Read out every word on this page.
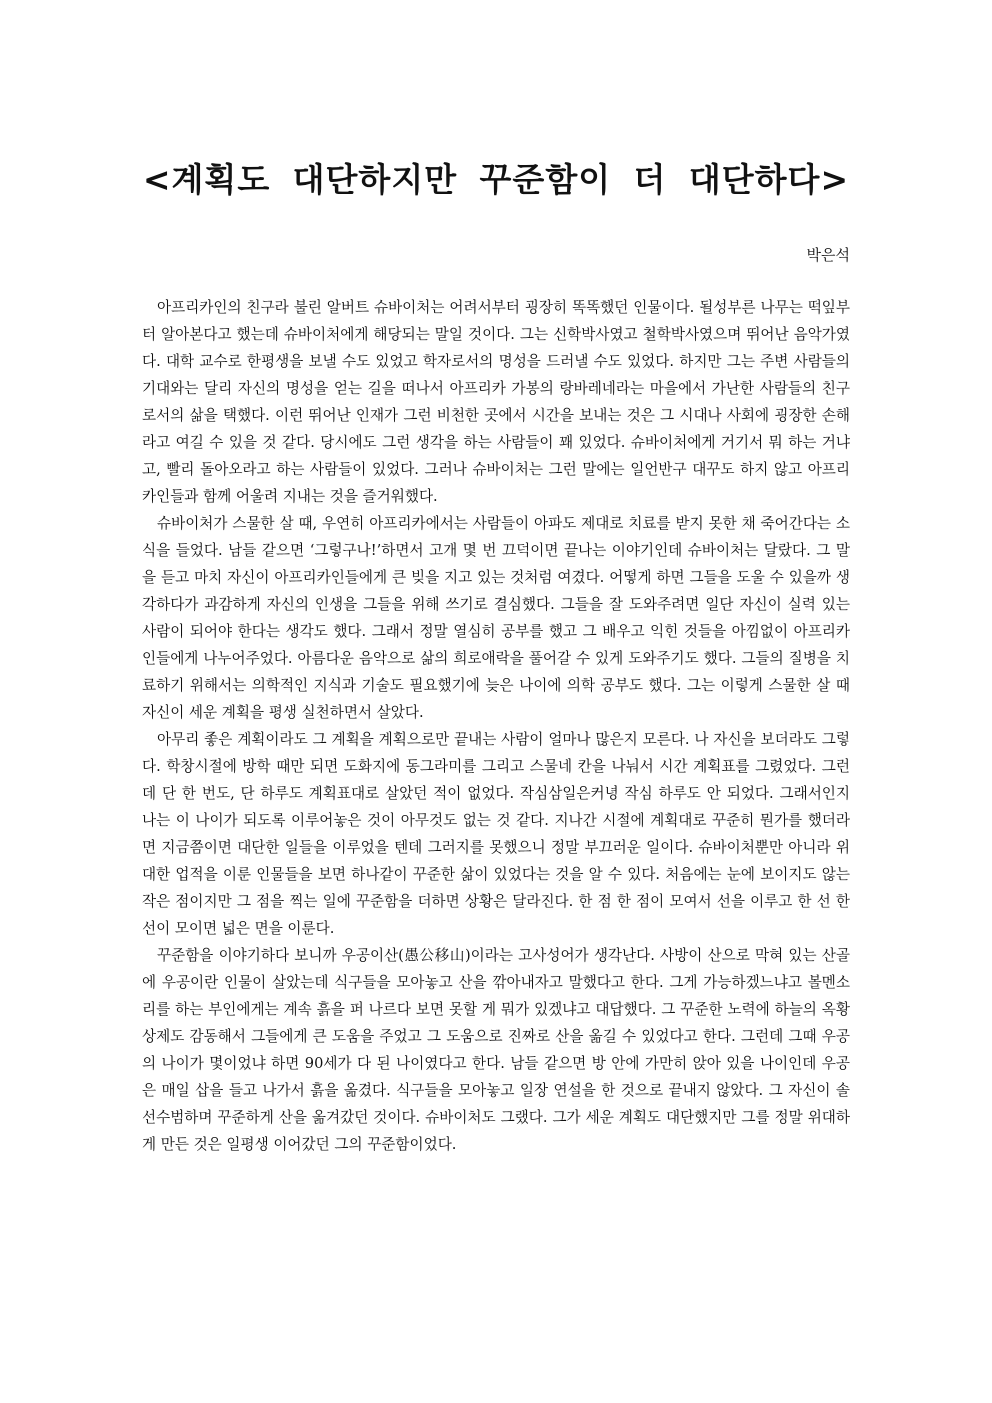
<계획도 대단하지만 꾸준함이 더 대단하다>

박은석

아프리카인의 친구라 불린 알버트 슈바이처는 어려서부터 굉장히 똑똑했던 인물이다. 될성부른 나무는 떡잎부터 알아본다고 했는데 슈바이처에게 해당되는 말일 것이다. 그는 신학박사였고 철학박사였으며 뛰어난 음악가였다. 대학 교수로 한평생을 보낼 수도 있었고 학자로서의 명성을 드러낼 수도 있었다. 하지만 그는 주변 사람들의 기대와는 달리 자신의 명성을 얻는 길을 떠나서 아프리카 가봉의 랑바레네라는 마을에서 가난한 사람들의 친구로서의 삶을 택했다. 이런 뛰어난 인재가 그런 비천한 곳에서 시간을 보내는 것은 그 시대나 사회에 굉장한 손해라고 여길 수 있을 것 같다. 당시에도 그런 생각을 하는 사람들이 꽤 있었다. 슈바이처에게 거기서 뭐 하는 거냐고, 빨리 돌아오라고 하는 사람들이 있었다. 그러나 슈바이처는 그런 말에는 일언반구 대꾸도 하지 않고 아프리카인들과 함께 어울려 지내는 것을 즐거워했다.

슈바이처가 스물한 살 때, 우연히 아프리카에서는 사람들이 아파도 제대로 치료를 받지 못한 채 죽어간다는 소식을 들었다. 남들 같으면 ‘그렇구나!’하면서 고개 몇 번 끄덕이면 끝나는 이야기인데 슈바이처는 달랐다. 그 말을 듣고 마치 자신이 아프리카인들에게 큰 빚을 지고 있는 것처럼 여겼다. 어떻게 하면 그들을 도울 수 있을까 생각하다가 과감하게 자신의 인생을 그들을 위해 쓰기로 결심했다. 그들을 잘 도와주려면 일단 자신이 실력 있는 사람이 되어야 한다는 생각도 했다. 그래서 정말 열심히 공부를 했고 그 배우고 익힌 것들을 아낌없이 아프리카인들에게 나누어주었다. 아름다운 음악으로 삶의 희로애락을 풀어갈 수 있게 도와주기도 했다. 그들의 질병을 치료하기 위해서는 의학적인 지식과 기술도 필요했기에 늦은 나이에 의학 공부도 했다. 그는 이렇게 스물한 살 때 자신이 세운 계획을 평생 실천하면서 살았다.

아무리 좋은 계획이라도 그 계획을 계획으로만 끝내는 사람이 얼마나 많은지 모른다. 나 자신을 보더라도 그렇다. 학창시절에 방학 때만 되면 도화지에 동그라미를 그리고 스물네 칸을 나눠서 시간 계획표를 그렸었다. 그런데 단 한 번도, 단 하루도 계획표대로 살았던 적이 없었다. 작심삼일은커녕 작심 하루도 안 되었다. 그래서인지 나는 이 나이가 되도록 이루어놓은 것이 아무것도 없는 것 같다. 지나간 시절에 계획대로 꾸준히 뭔가를 했더라면 지금쯤이면 대단한 일들을 이루었을 텐데 그러지를 못했으니 정말 부끄러운 일이다. 슈바이처뿐만 아니라 위대한 업적을 이룬 인물들을 보면 하나같이 꾸준한 삶이 있었다는 것을 알 수 있다. 처음에는 눈에 보이지도 않는 작은 점이지만 그 점을 찍는 일에 꾸준함을 더하면 상황은 달라진다. 한 점 한 점이 모여서 선을 이루고 한 선 한 선이 모이면 넓은 면을 이룬다.

꾸준함을 이야기하다 보니까 우공이산(愚公移山)이라는 고사성어가 생각난다. 사방이 산으로 막혀 있는 산골에 우공이란 인물이 살았는데 식구들을 모아놓고 산을 깎아내자고 말했다고 한다. 그게 가능하겠느냐고 볼멘소리를 하는 부인에게는 계속 흙을 퍼 나르다 보면 못할 게 뭐가 있겠냐고 대답했다. 그 꾸준한 노력에 하늘의 옥황상제도 감동해서 그들에게 큰 도움을 주었고 그 도움으로 진짜로 산을 옮길 수 있었다고 한다. 그런데 그때 우공의 나이가 몇이었냐 하면 90세가 다 된 나이였다고 한다. 남들 같으면 방 안에 가만히 앉아 있을 나이인데 우공은 매일 삽을 들고 나가서 흙을 옮겼다. 식구들을 모아놓고 일장 연설을 한 것으로 끝내지 않았다. 그 자신이 솔선수범하며 꾸준하게 산을 옮겨갔던 것이다. 슈바이처도 그랬다. 그가 세운 계획도 대단했지만 그를 정말 위대하게 만든 것은 일평생 이어갔던 그의 꾸준함이었다.
